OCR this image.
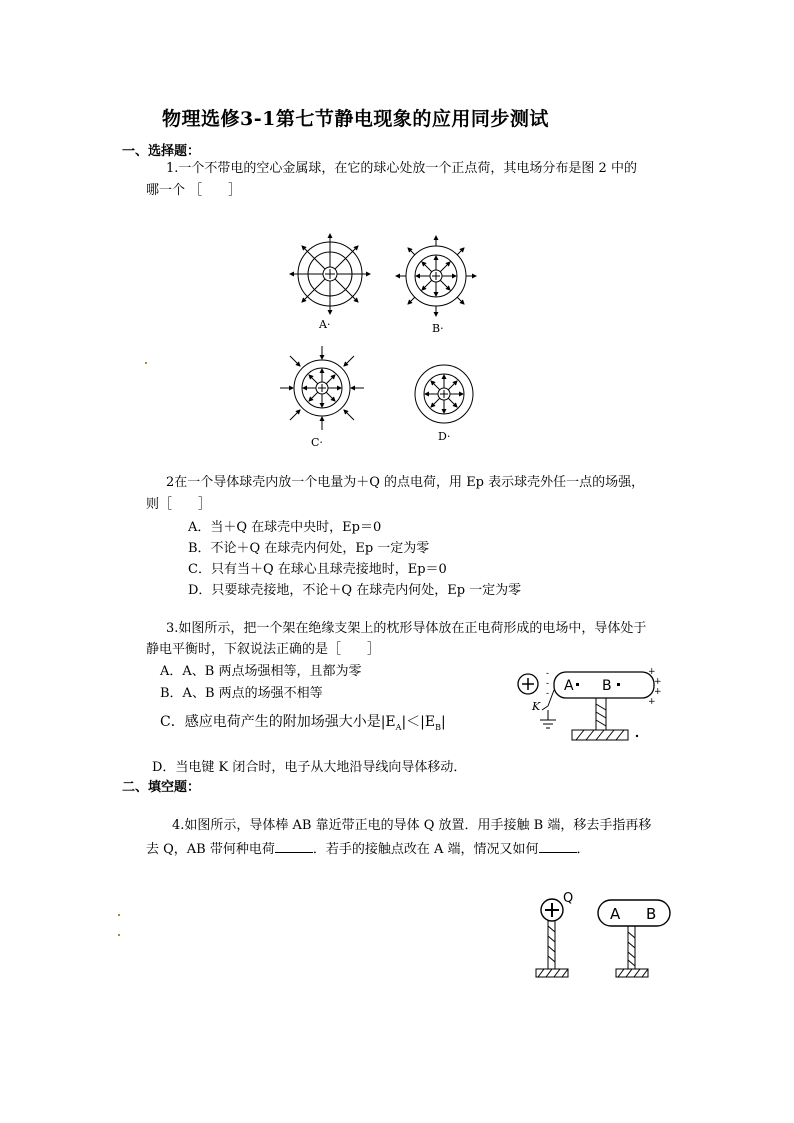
物理选修3-1第七节静电现象的应用同步测试
一、选择题：
1.一个不带电的空心金属球，在它的球心处放一个正点荷，其电场分布是图 2 中的
哪一个 ［　　］
A·	B·
C·	D·
2在一个导体球壳内放一个电量为＋Q 的点电荷，用 Ep 表示球壳外任一点的场强，
则［　　］
A．当＋Q 在球壳中央时，Ep＝0
B．不论＋Q 在球壳内何处，Ep 一定为零
C．只有当＋Q 在球心且球壳接地时，Ep＝0
D．只要球壳接地，不论＋Q 在球壳内何处，Ep 一定为零
3.如图所示，把一个架在绝缘支架上的枕形导体放在正电荷形成的电场中，导体处于
静电平衡时，下叙说法正确的是［　　］
A．A、B 两点场强相等，且都为零
B．A、B 两点的场强不相等
C．感应电荷产生的附加场强大小是$|E_A|<|E_B|$
D．当电键 K 闭合时，电子从大地沿导线向导体移动．
A B
-
-
-
+
+
+
+
K
二、填空题：
4.如图所示，导体棒 AB 靠近带正电的导体 Q 放置．用手接触 B 端，移去手指再移
去 Q，AB 带何种电荷	．若手的接触点改在 A 端，情况又如何	．
Q
A B
